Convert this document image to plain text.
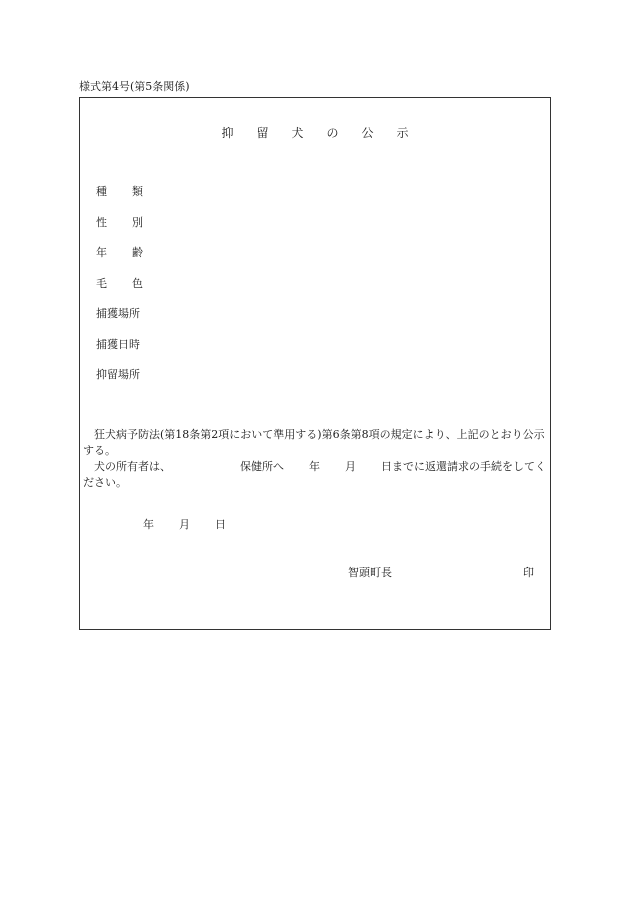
様式第4号(第5条関係)
抑留犬の公示
種 類
性 別
年 齢
毛 色
捕獲場所
捕獲日時
抑留場所
狂犬病予防法(第18条第2項において準用する)第6条第8項の規定により、上記のとおり公示する。
犬の所有者は、	保健所へ 年 月 日までに返還請求の手続をしてく
ださい。
年 月 日
智頭町長	印
